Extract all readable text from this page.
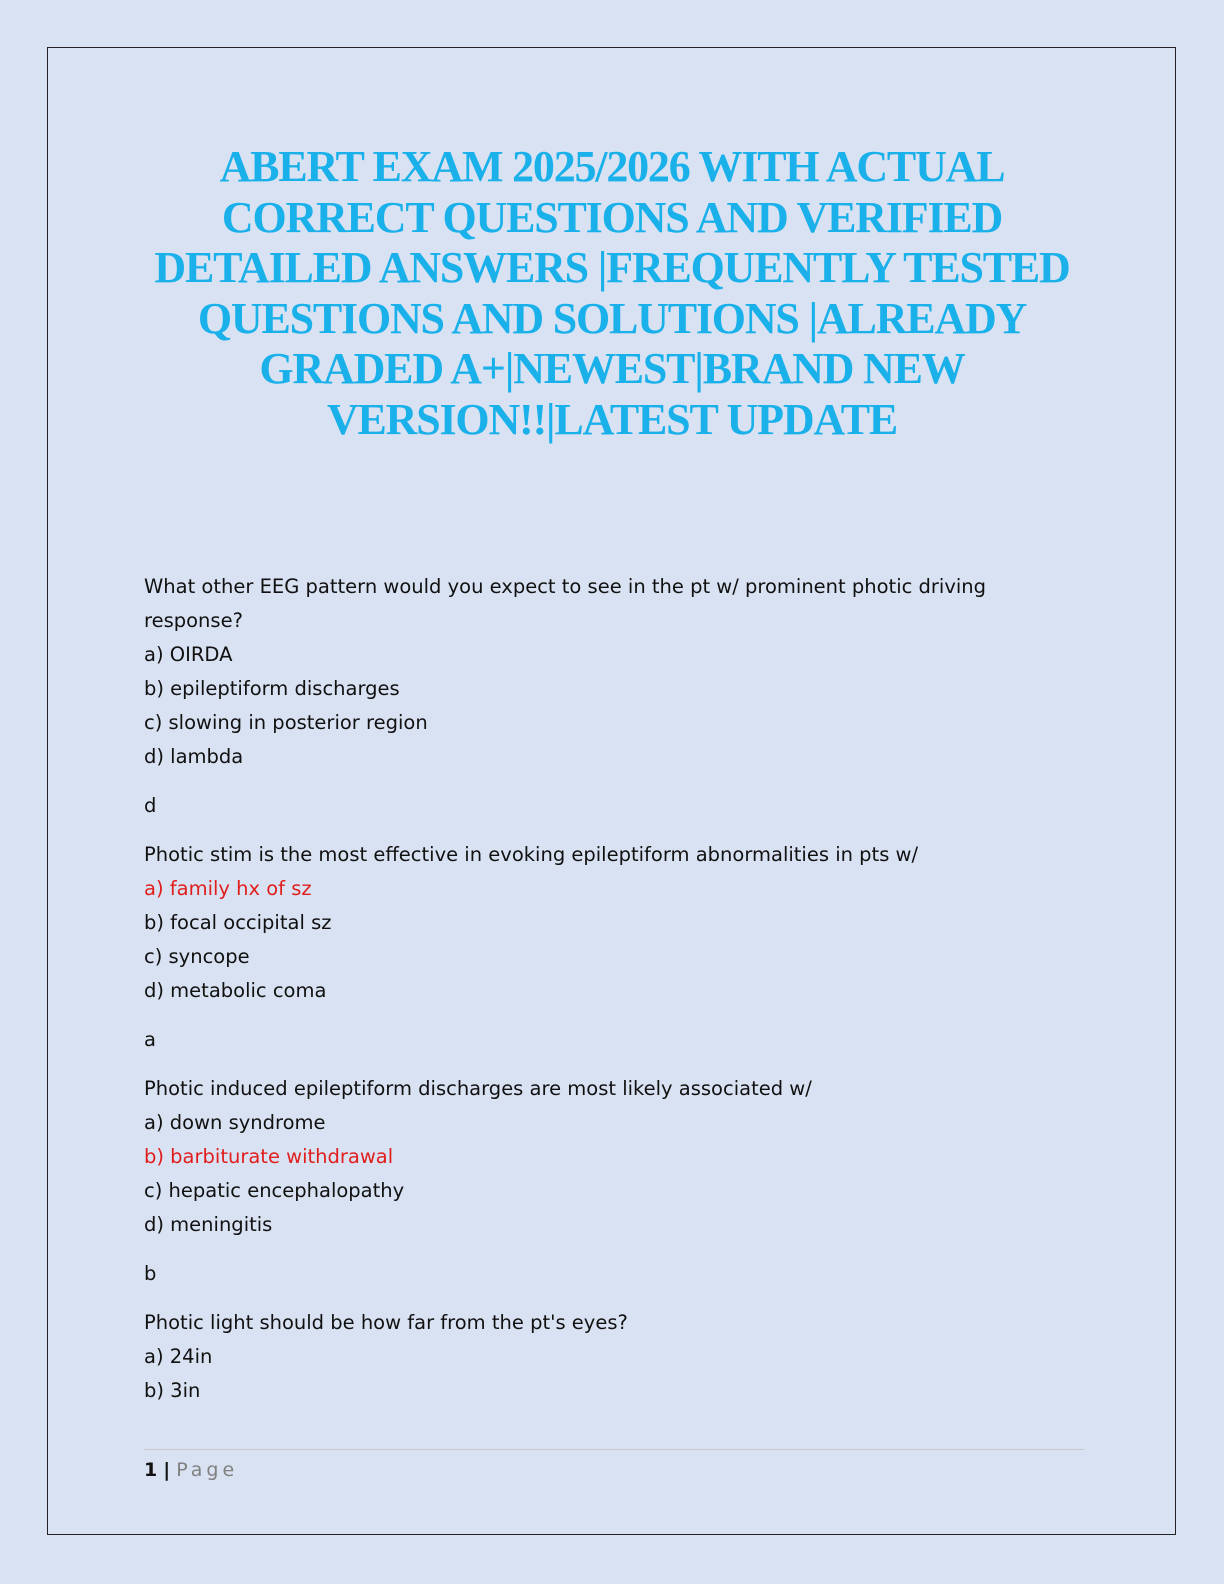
ABERT EXAM 2025/2026 WITH ACTUAL CORRECT QUESTIONS AND VERIFIED DETAILED ANSWERS |FREQUENTLY TESTED QUESTIONS AND SOLUTIONS |ALREADY GRADED A+|NEWEST|BRAND NEW VERSION!!|LATEST UPDATE
What other EEG pattern would you expect to see in the pt w/ prominent photic driving
response?
a) OIRDA
b) epileptiform discharges
c) slowing in posterior region
d) lambda
d
Photic stim is the most effective in evoking epileptiform abnormalities in pts w/
a) family hx of sz
b) focal occipital sz
c) syncope
d) metabolic coma
a
Photic induced epileptiform discharges are most likely associated w/
a) down syndrome
b) barbiturate withdrawal
c) hepatic encephalopathy
d) meningitis
b
Photic light should be how far from the pt's eyes?
a) 24in
b) 3in
1 | Page
